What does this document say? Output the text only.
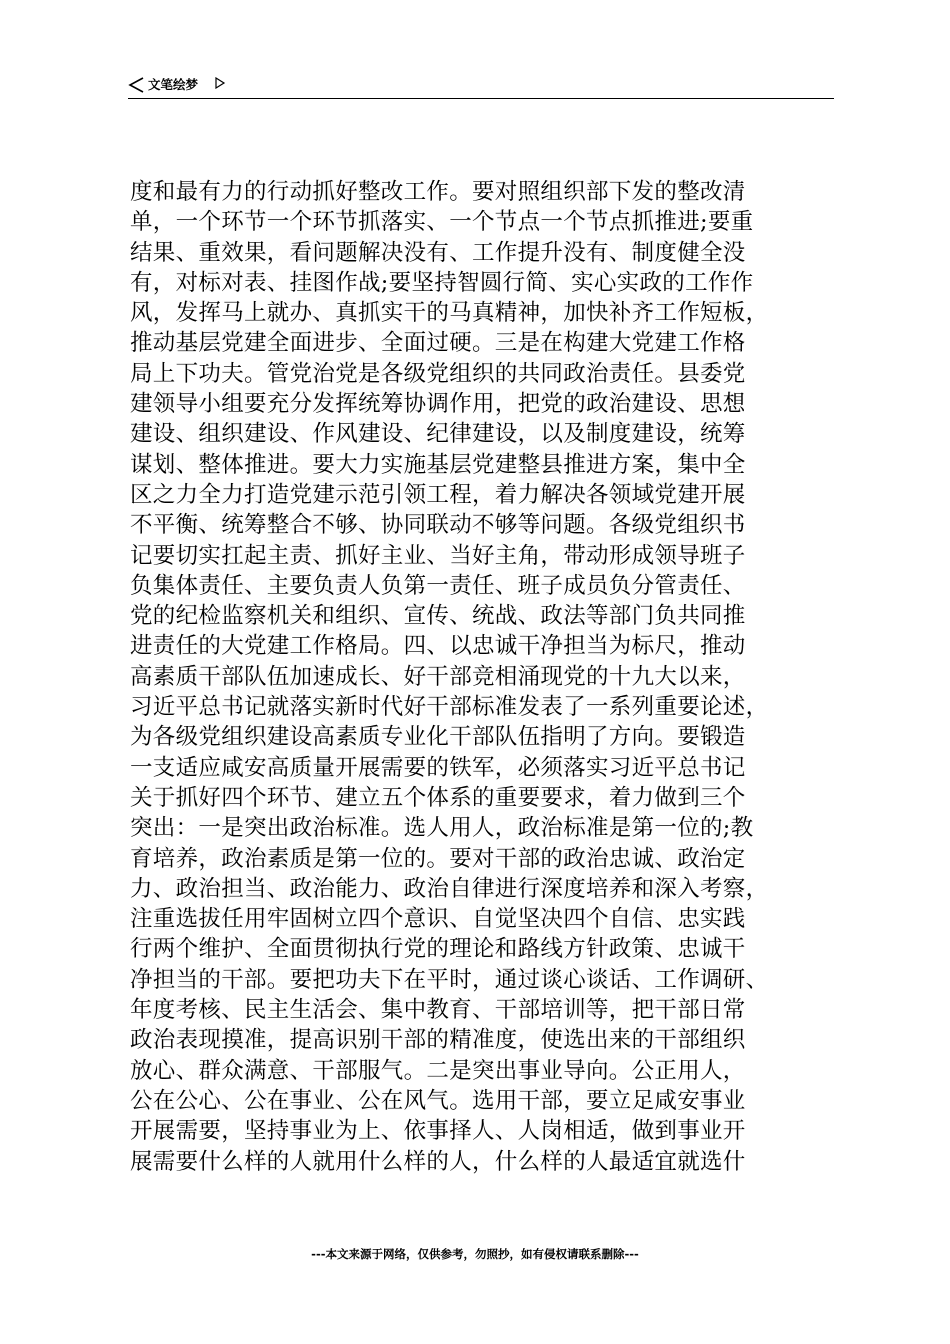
文笔绘梦
度和最有力的行动抓好整改工作。要对照组织部下发的整改清
单，一个环节一个环节抓落实、一个节点一个节点抓推进;要重
结果、重效果，看问题解决没有、工作提升没有、制度健全没
有，对标对表、挂图作战;要坚持智圆行简、实心实政的工作作
风，发挥马上就办、真抓实干的马真精神，加快补齐工作短板，
推动基层党建全面进步、全面过硬。三是在构建大党建工作格
局上下功夫。管党治党是各级党组织的共同政治责任。县委党
建领导小组要充分发挥统筹协调作用，把党的政治建设、思想
建设、组织建设、作风建设、纪律建设，以及制度建设，统筹
谋划、整体推进。要大力实施基层党建整县推进方案，集中全
区之力全力打造党建示范引领工程，着力解决各领域党建开展
不平衡、统筹整合不够、协同联动不够等问题。各级党组织书
记要切实扛起主责、抓好主业、当好主角，带动形成领导班子
负集体责任、主要负责人负第一责任、班子成员负分管责任、
党的纪检监察机关和组织、宣传、统战、政法等部门负共同推
进责任的大党建工作格局。四、以忠诚干净担当为标尺，推动
高素质干部队伍加速成长、好干部竞相涌现党的十九大以来，
习近平总书记就落实新时代好干部标准发表了一系列重要论述，
为各级党组织建设高素质专业化干部队伍指明了方向。要锻造
一支适应咸安高质量开展需要的铁军，必须落实习近平总书记
关于抓好四个环节、建立五个体系的重要要求，着力做到三个
突出：一是突出政治标准。选人用人，政治标准是第一位的;教
育培养，政治素质是第一位的。要对干部的政治忠诚、政治定
力、政治担当、政治能力、政治自律进行深度培养和深入考察，
注重选拔任用牢固树立四个意识、自觉坚决四个自信、忠实践
行两个维护、全面贯彻执行党的理论和路线方针政策、忠诚干
净担当的干部。要把功夫下在平时，通过谈心谈话、工作调研、
年度考核、民主生活会、集中教育、干部培训等，把干部日常
政治表现摸准，提高识别干部的精准度，使选出来的干部组织
放心、群众满意、干部服气。二是突出事业导向。公正用人，
公在公心、公在事业、公在风气。选用干部，要立足咸安事业
开展需要，坚持事业为上、依事择人、人岗相适，做到事业开
展需要什么样的人就用什么样的人，什么样的人最适宜就选什
---本文来源于网络，仅供参考，勿照抄，如有侵权请联系删除---
